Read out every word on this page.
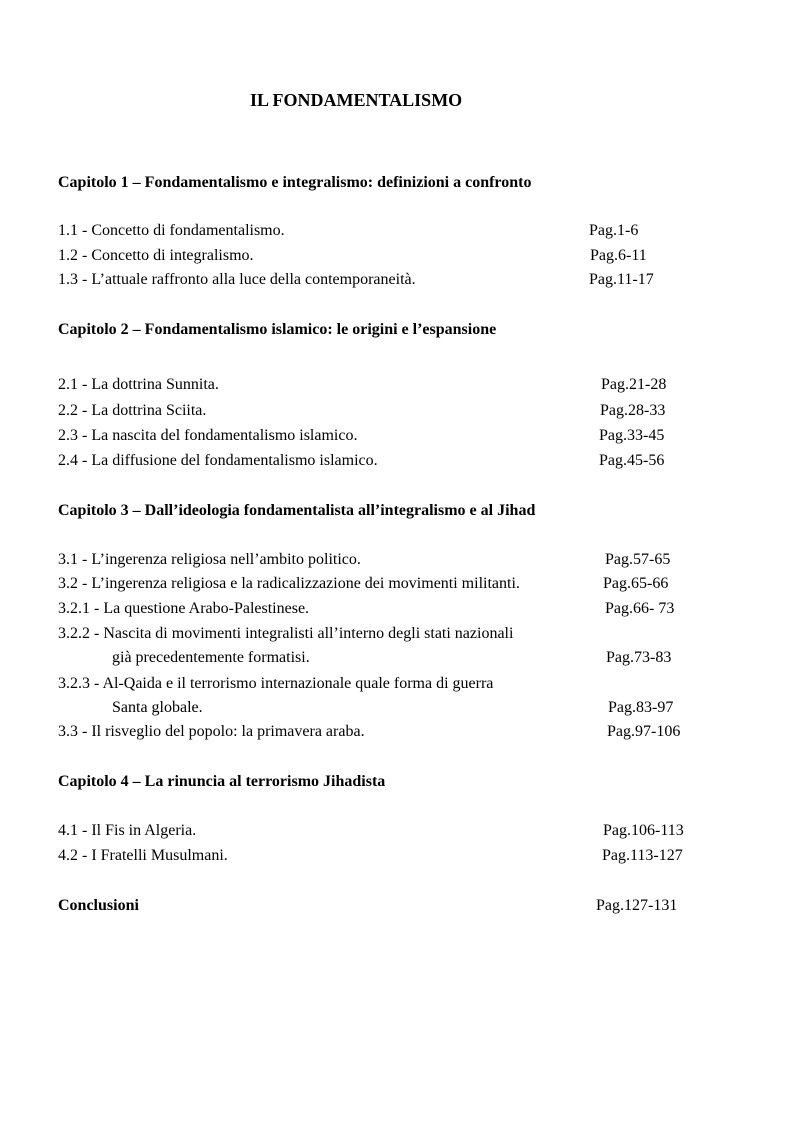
IL FONDAMENTALISMO
Capitolo 1 – Fondamentalismo e integralismo: definizioni a confronto
1.1 - Concetto di fondamentalismo.	Pag.1-6
1.2 - Concetto di integralismo.	Pag.6-11
1.3 - L’attuale raffronto alla luce della contemporaneità.	Pag.11-17
Capitolo 2 – Fondamentalismo islamico: le origini e l’espansione
2.1 - La dottrina Sunnita.	Pag.21-28
2.2 - La dottrina Sciita.	Pag.28-33
2.3 - La nascita del fondamentalismo islamico.	Pag.33-45
2.4 - La diffusione del fondamentalismo islamico.	Pag.45-56
Capitolo 3 – Dall’ideologia fondamentalista all’integralismo e al Jihad
3.1 - L’ingerenza religiosa nell’ambito politico.	Pag.57-65
3.2 - L’ingerenza religiosa e la radicalizzazione dei movimenti militanti.	Pag.65-66
3.2.1 - La questione Arabo-Palestinese.	Pag.66- 73
3.2.2 - Nascita di movimenti integralisti all’interno degli stati nazionali
già precedentemente formatisi.	Pag.73-83
3.2.3 - Al-Qaida e il terrorismo internazionale quale forma di guerra
Santa globale.	Pag.83-97
3.3 - Il risveglio del popolo: la primavera araba.	Pag.97-106
Capitolo 4 – La rinuncia al terrorismo Jihadista
4.1 - Il Fis in Algeria.	Pag.106-113
4.2 - I Fratelli Musulmani.	Pag.113-127
Conclusioni	Pag.127-131
